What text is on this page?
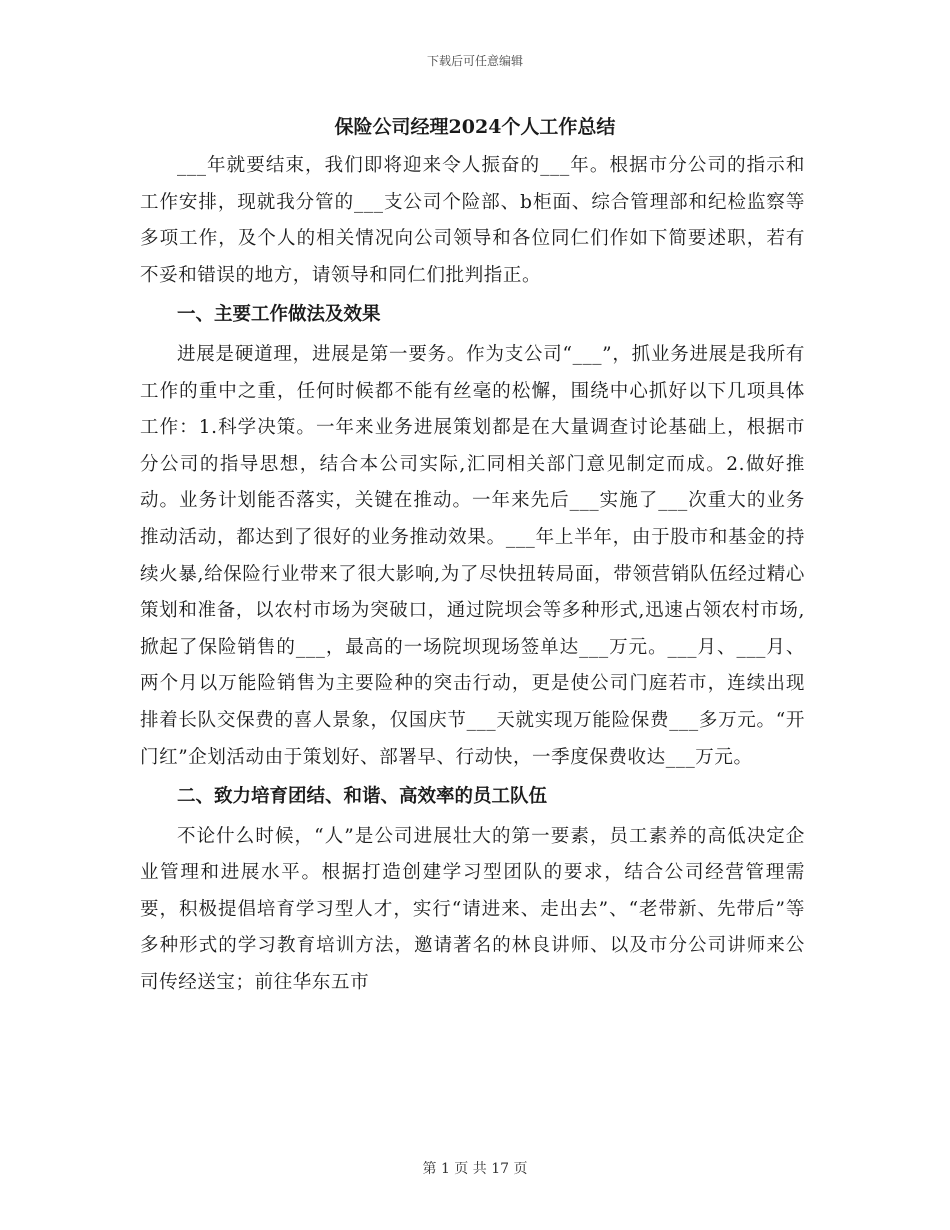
下载后可任意编辑
保险公司经理2024个人工作总结

___年就要结束，我们即将迎来令人振奋的___年。根据市分公司的指示和工作安排，现就我分管的___支公司个险部、b柜面、综合管理部和纪检监察等多项工作，及个人的相关情况向公司领导和各位同仁们作如下简要述职，若有不妥和错误的地方，请领导和同仁们批判指正。

一、主要工作做法及效果

进展是硬道理，进展是第一要务。作为支公司“___”，抓业务进展是我所有工作的重中之重，任何时候都不能有丝毫的松懈，围绕中心抓好以下几项具体工作：1.科学决策。一年来业务进展策划都是在大量调查讨论基础上，根据市分公司的指导思想，结合本公司实际,汇同相关部门意见制定而成。2.做好推动。业务计划能否落实，关键在推动。一年来先后___实施了___次重大的业务推动活动，都达到了很好的业务推动效果。___年上半年，由于股市和基金的持续火暴,给保险行业带来了很大影响,为了尽快扭转局面，带领营销队伍经过精心策划和准备，以农村市场为突破口，通过院坝会等多种形式,迅速占领农村市场,掀起了保险销售的___，最高的一场院坝现场签单达___万元。___月、___月、两个月以万能险销售为主要险种的突击行动，更是使公司门庭若市，连续出现排着长队交保费的喜人景象，仅国庆节___天就实现万能险保费___多万元。“开门红”企划活动由于策划好、部署早、行动快，一季度保费收达___万元。

二、致力培育团结、和谐、高效率的员工队伍

不论什么时候，“人”是公司进展壮大的第一要素，员工素养的高低决定企业管理和进展水平。根据打造创建学习型团队的要求，结合公司经营管理需要，积极提倡培育学习型人才，实行“请进来、走出去”、“老带新、先带后”等多种形式的学习教育培训方法，邀请著名的林良讲师、以及市分公司讲师来公司传经送宝；前往华东五市

第 1 页 共 17 页
